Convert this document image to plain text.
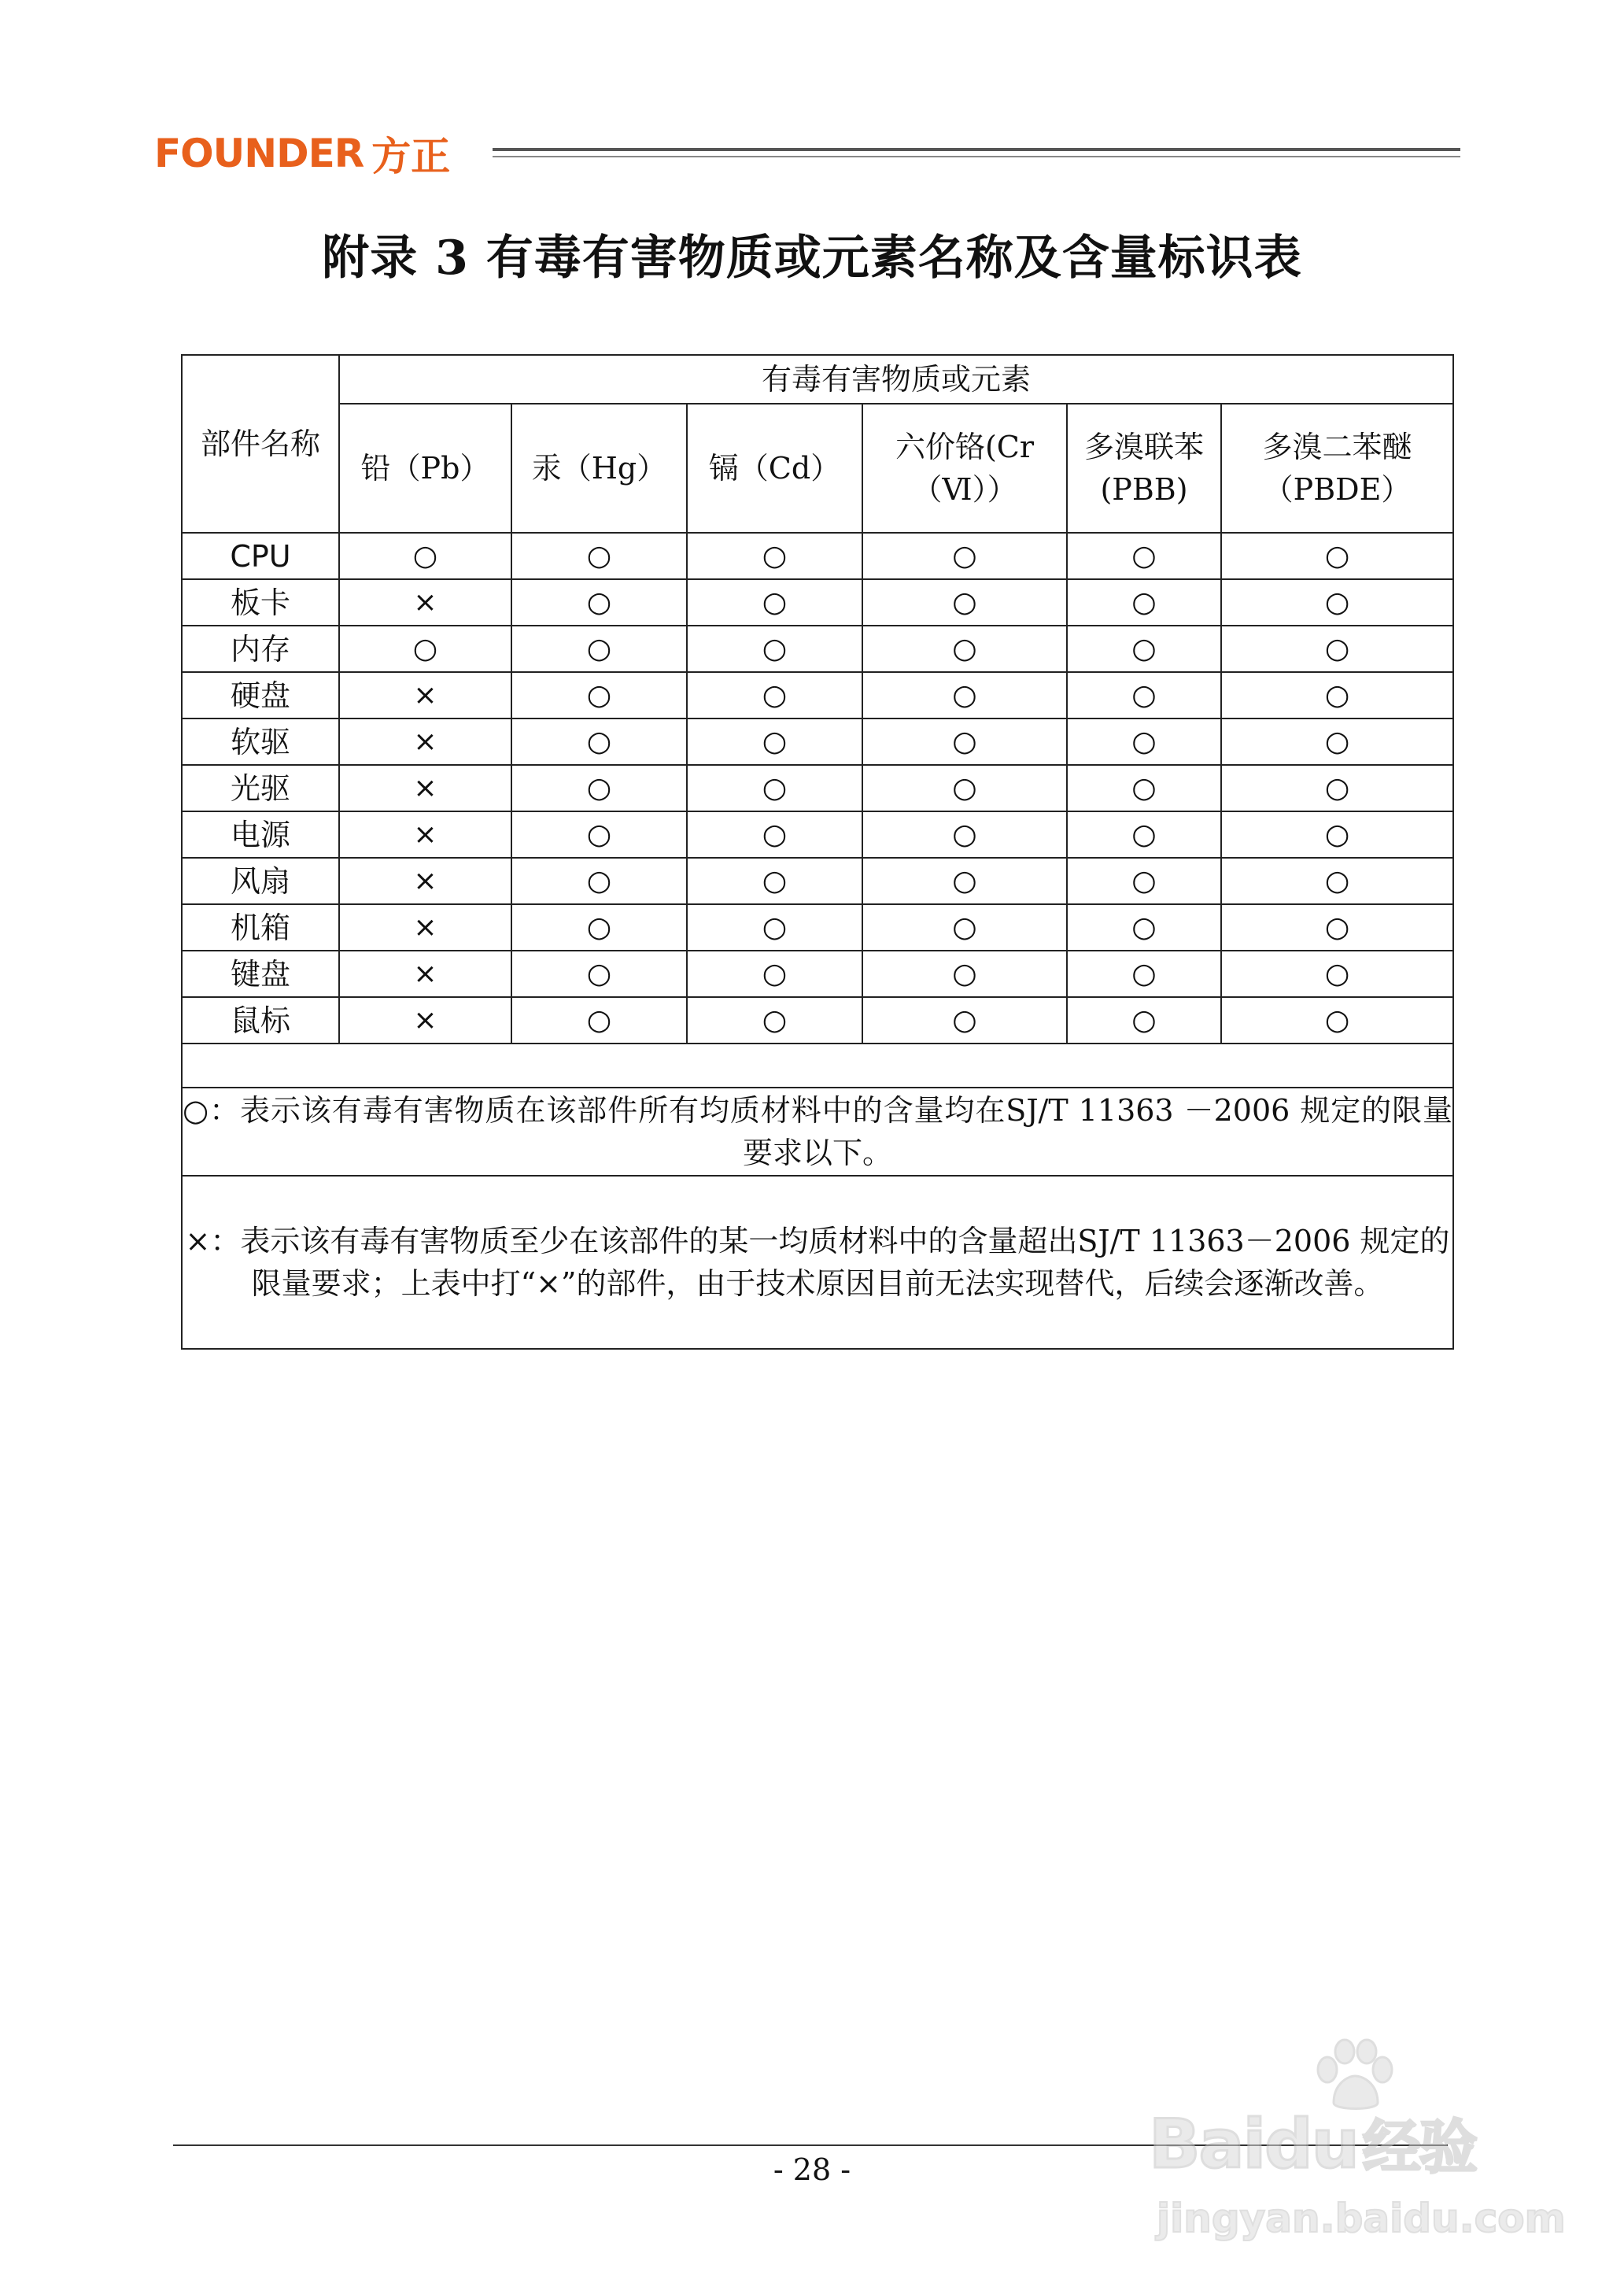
FOUNDER 方正
附录 3 有毒有害物质或元素名称及含量标识表
部件名称	有毒有害物质或元素					

	铅（Pb）	汞（Hg）	镉（Cd）	六价铬(Cr（Ⅵ））	多溴联苯(PBB)	多溴二苯醚（PBDE）

CPU	○	○	○	○	○	○
板卡	×	○	○	○	○	○
内存	○	○	○	○	○	○
硬盘	×	○	○	○	○	○
软驱	×	○	○	○	○	○
光驱	×	○	○	○	○	○
电源	×	○	○	○	○	○
风扇	×	○	○	○	○	○
机箱	×	○	○	○	○	○
键盘	×	○	○	○	○	○
鼠标	×	○	○	○	○	○

○：表示该有毒有害物质在该部件所有均质材料中的含量均在SJ/T 11363 －2006 规定的限量要求以下。						

×：表示该有毒有害物质至少在该部件的某一均质材料中的含量超出SJ/T 11363－2006 规定的限量要求；上表中打“×”的部件，由于技术原因目前无法实现替代，后续会逐渐改善。						
- 28 -	Baidu经验
jingyan.baidu.com
